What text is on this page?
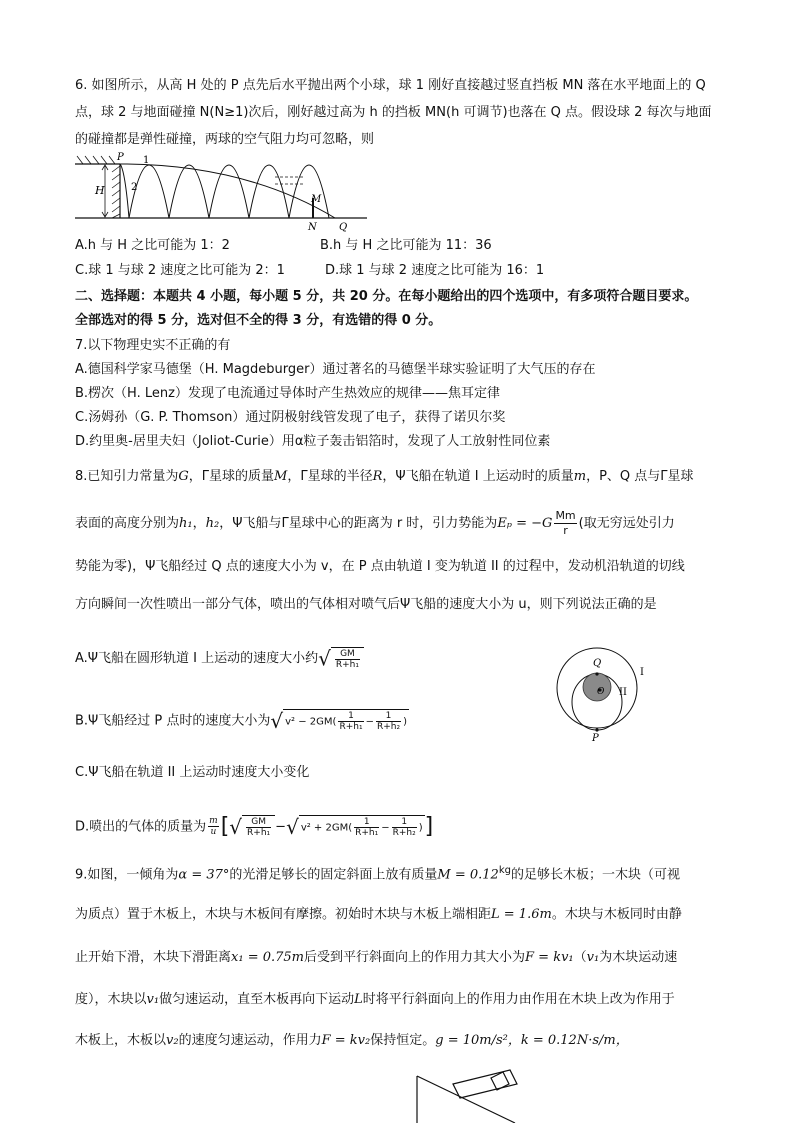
6. 如图所示，从高 H 处的 P 点先后水平抛出两个小球，球 1 刚好直接越过竖直挡板 MN 落在水平地面上的 Q
点，球 2 与地面碰撞 N(N≥1)次后，刚好越过高为 h 的挡板 MN(h 可调节)也落在 Q 点。假设球 2 每次与地面
的碰撞都是弹性碰撞，两球的空气阻力均可忽略，则
H
P 1
2
M
N Q
A.h 与 H 之比可能为 1：2	B.h 与 H 之比可能为 11：36
C.球 1 与球 2 速度之比可能为 2：1	D.球 1 与球 2 速度之比可能为 16：1
二、选择题：本题共 4 小题，每小题 5 分，共 20 分。在每小题给出的四个选项中，有多项符合题目要求。
全部选对的得 5 分，选对但不全的得 3 分，有选错的得 0 分。
7.以下物理史实不正确的有
A.德国科学家马德堡（H. Magdeburger）通过著名的马德堡半球实验证明了大气压的存在
B.楞次（H. Lenz）发现了电流通过导体时产生热效应的规律——焦耳定律
C.汤姆孙（G. P. Thomson）通过阴极射线管发现了电子，获得了诺贝尔奖
D.约里奥-居里夫妇（Joliot-Curie）用α粒子轰击铝箔时，发现了人工放射性同位素
8.已知引力常量为G，Γ星球的质量M，Γ星球的半径R，Ψ飞船在轨道 I 上运动时的质量m，P、Q 点与Γ星球
表面的高度分别为h₁，h₂，Ψ飞船与Γ星球中心的距离为 r 时，引力势能为$E_p = -G \frac{Mm}{r}$ (取无穷远处引力
势能为零)，Ψ飞船经过 Q 点的速度大小为 v，在 P 点由轨道 I 变为轨道 II 的过程中，发动机沿轨道的切线
方向瞬间一次性喷出一部分气体，喷出的气体相对喷气后Ψ飞船的速度大小为 u，则下列说法正确的是
A.Ψ飞船在圆形轨道 I 上运动的速度大小约√ $\frac{GM}{\text{R+h₁}}$
B.Ψ飞船经过 P 点时的速度大小为√ $v^2 - 2GM( \frac{1}{\text{R+h₁}} - \frac{1}{\text{R+h₂}}$ )
C.Ψ飞船在轨道 II 上运动时速度大小变化
D.喷出的气体的质量为 $\frac{m}{u}$ [√ $\frac{GM}{\text{R+h₁}}$ −√ $v^2 + 2GM( \frac{1}{\text{R+h₁}} - \frac{1}{\text{R+h₂}}$ )]
Q
O
I
II
P
9.如图，一倾角为α = 37°的光滑足够长的固定斜面上放有质量$M = 0.12^{kg}$的足够长木板；一木块（可视
为质点）置于木板上，木块与木板间有摩擦。初始时木块与木板上端相距L = 1.6m。木块与木板同时由静
止开始下滑，木块下滑距离x₁ = 0.75m后受到平行斜面向上的作用力其大小为F = kv₁（v₁为木块运动速
度），木块以v₁做匀速运动，直至木板再向下运动L时将平行斜面向上的作用力由作用在木块上改为作用于
木板上，木板以v₂的速度匀速运动，作用力F = kv₂保持恒定。g = 10m/s²，k = 0.12N·s/m，
